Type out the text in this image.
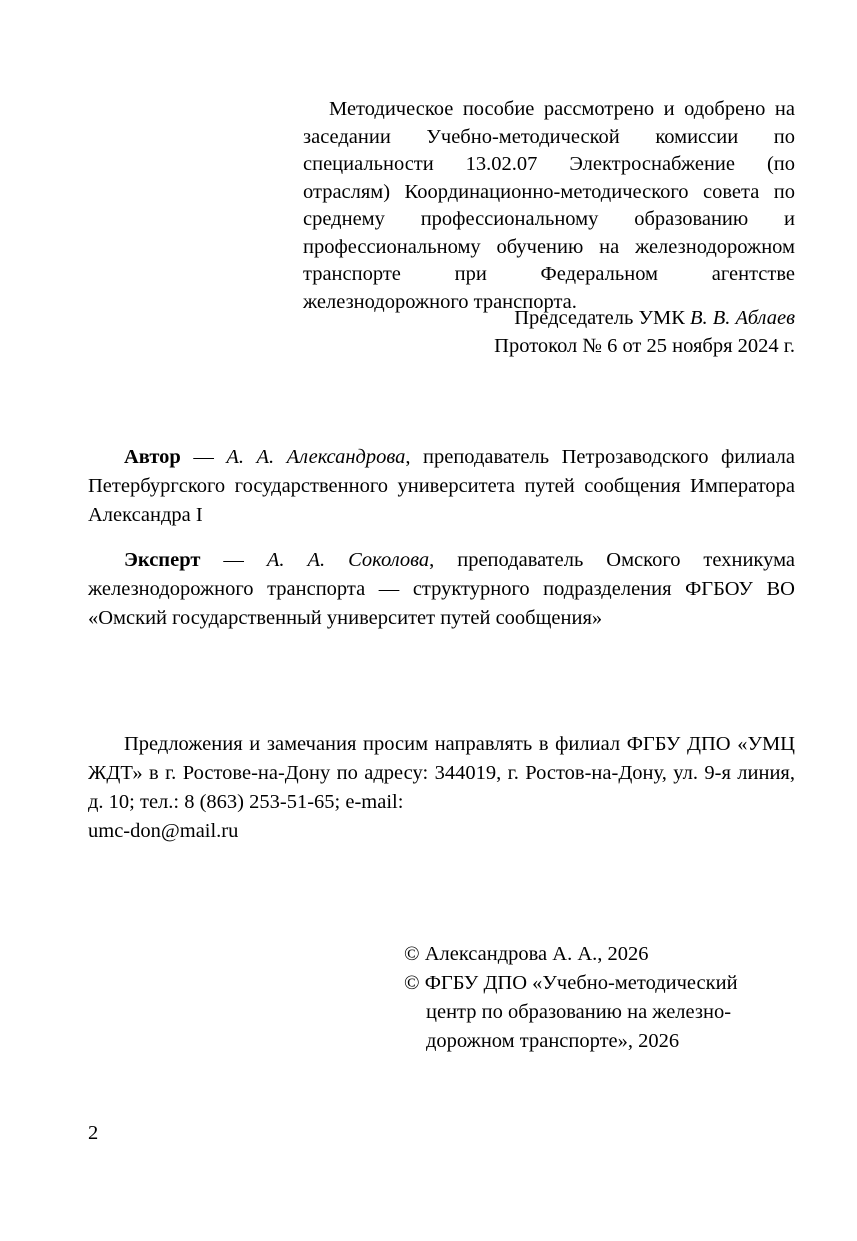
Методическое пособие рассмотрено и одобрено на заседании Учебно-методической комиссии по специальности 13.02.07 Электроснабжение (по отраслям) Координационно-методического совета по среднему профессиональному образованию и профессиональному обучению на железнодорожном транспорте при Федеральном агентстве железнодорожного транспорта.

Председатель УМК В. В. Аблаев
Протокол № 6 от 25 ноября 2024 г.

Автор — А. А. Александрова, преподаватель Петрозаводского филиала Петербургского государственного университета путей сообщения Императора Александра I

Эксперт — А. А. Соколова, преподаватель Омского техникума железнодорожного транспорта — структурного подразделения ФГБОУ ВО «Омский государственный университет путей сообщения»

Предложения и замечания просим направлять в филиал ФГБУ ДПО «УМЦ ЖДТ» в г. Ростове-на-Дону по адресу: 344019, г. Ростов-на-Дону, ул. 9-я линия, д. 10; тел.: 8 (863) 253-51-65; e-mail:

umc-don@mail.ru

© Александрова А. А., 2026
© ФГБУ ДПО «Учебно-методический
центр по образованию на железно-
дорожном транспорте», 2026
2
